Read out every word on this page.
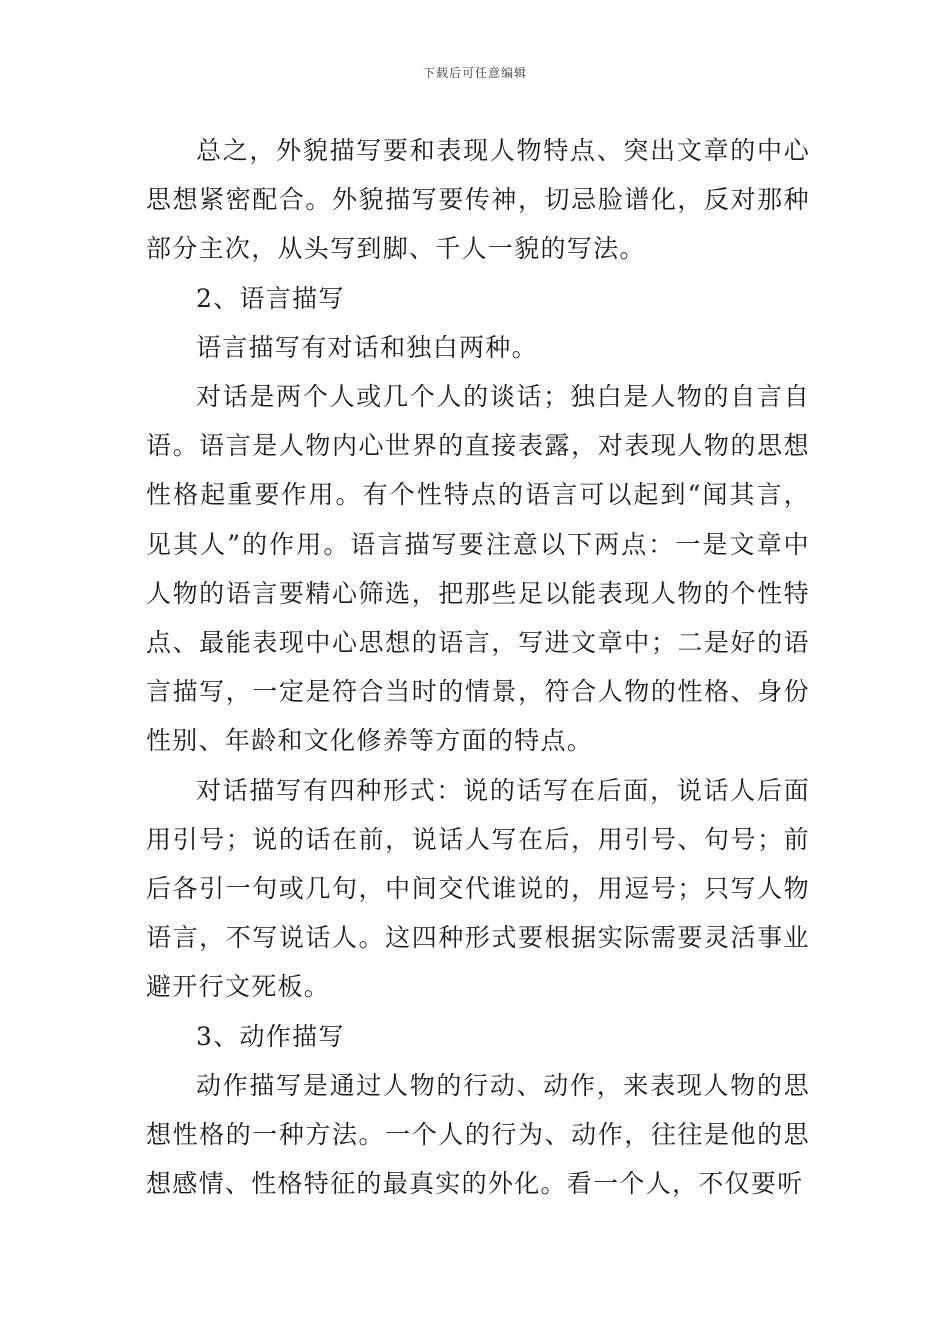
下载后可任意编辑

总之，外貌描写要和表现人物特点、突出文章的中心思想紧密配合。外貌描写要传神，切忌脸谱化，反对那种部分主次，从头写到脚、千人一貌的写法。

2、语言描写

语言描写有对话和独白两种。

对话是两个人或几个人的谈话；独白是人物的自言自语。语言是人物内心世界的直接表露，对表现人物的思想性格起重要作用。有个性特点的语言可以起到“闻其言，见其人”的作用。语言描写要注意以下两点：一是文章中人物的语言要精心筛选，把那些足以能表现人物的个性特点、最能表现中心思想的语言，写进文章中；二是好的语言描写，一定是符合当时的情景，符合人物的性格、身份性别、年龄和文化修养等方面的特点。

对话描写有四种形式：说的话写在后面，说话人后面用引号；说的话在前，说话人写在后，用引号、句号；前后各引一句或几句，中间交代谁说的，用逗号；只写人物语言，不写说话人。这四种形式要根据实际需要灵活事业避开行文死板。

3、动作描写

动作描写是通过人物的行动、动作，来表现人物的思想性格的一种方法。一个人的行为、动作，往往是他的思想感情、性格特征的最真实的外化。看一个人，不仅要听
